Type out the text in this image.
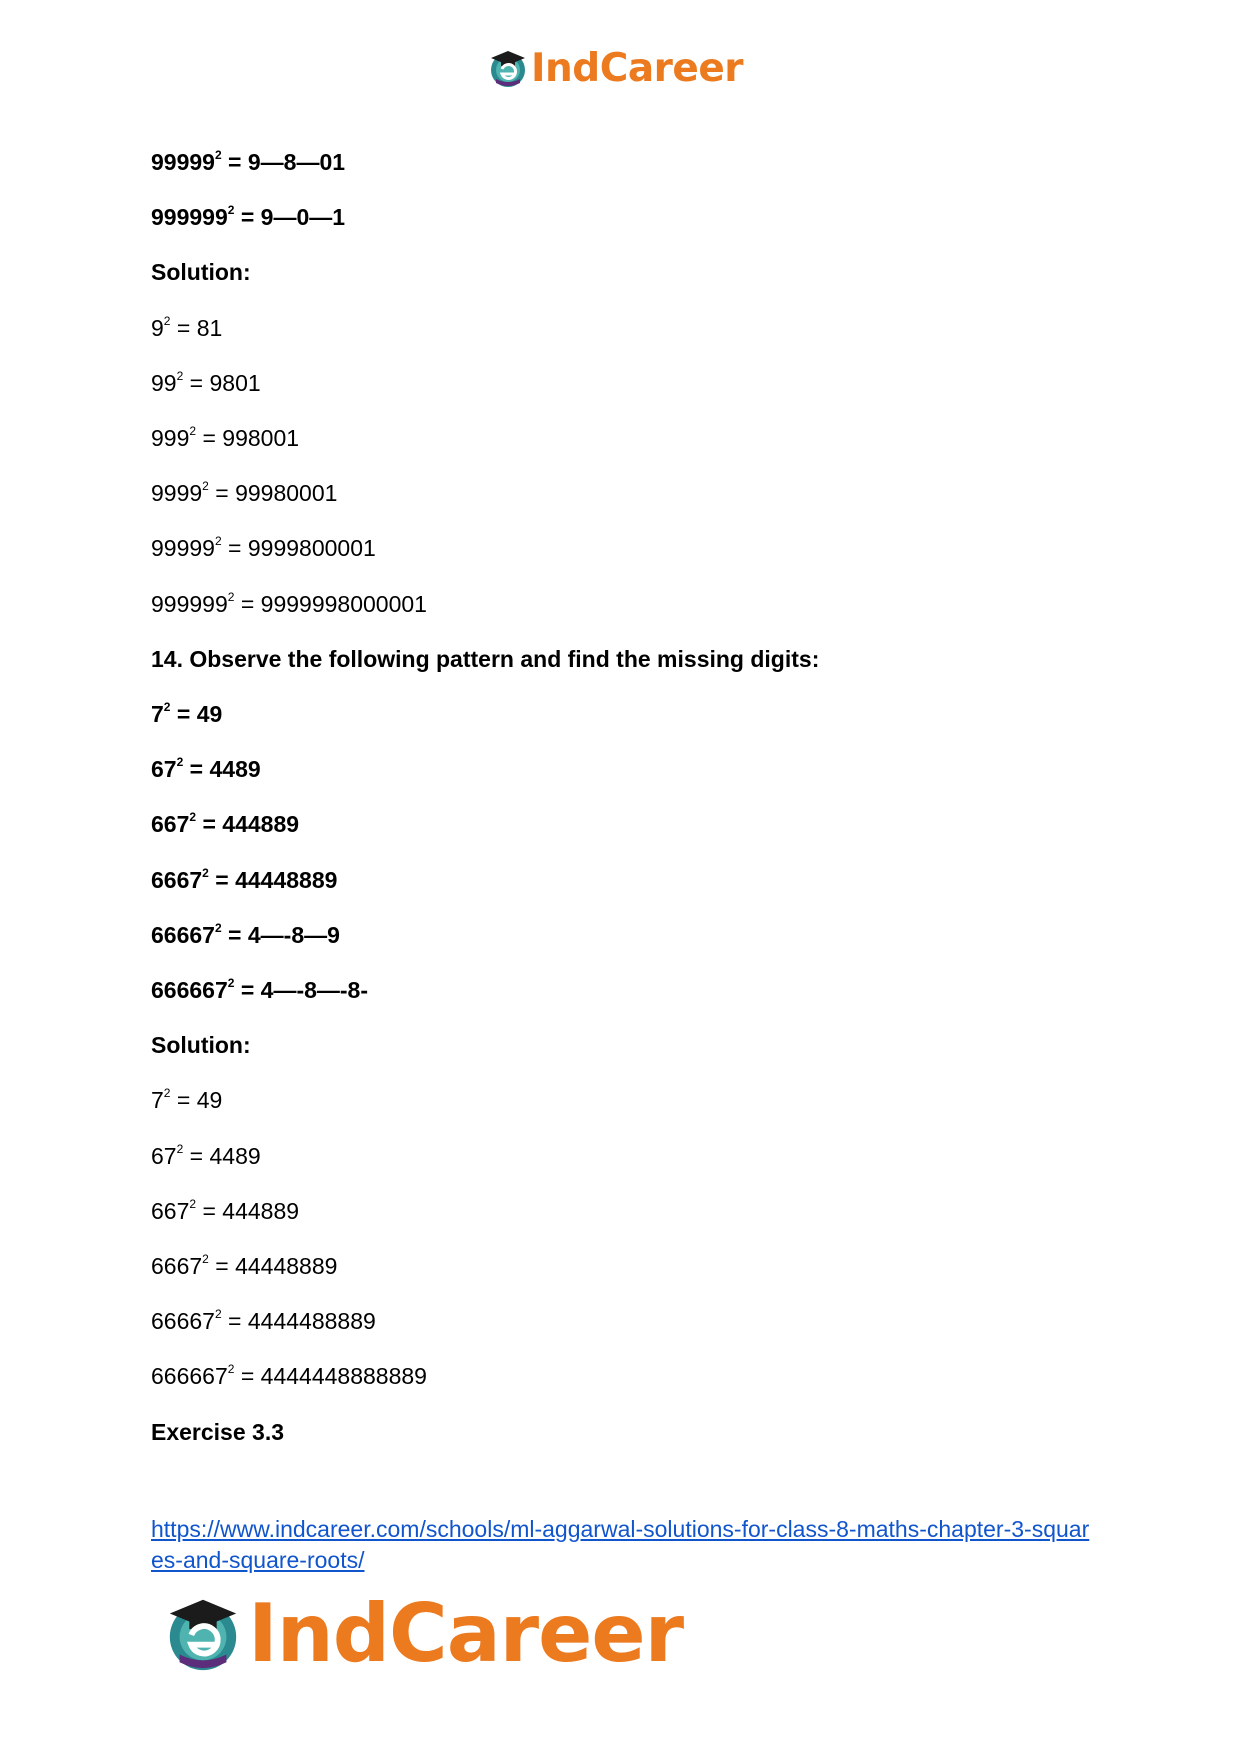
IndCareer
$99999^2$ = 9—8—01
$999999^2$ = 9—0—1
Solution:
$9^2 = 81$
$99^2 = 9801$
$999^2 = 998001$
$9999^2 = 99980001$
$99999^2 = 9999800001$
$999999^2 = 9999998000001$
14. Observe the following pattern and find the missing digits:
$7^2 = 49$
$67^2 = 4489$
$667^2 = 444889$
$6667^2 = 44448889$
$66667^2$ = 4—-8—9
$666667^2$ = 4—-8—-8-
Solution:
$7^2 = 49$
$67^2 = 4489$
$667^2 = 444889$
$6667^2 = 44448889$
$66667^2 = 4444488889$
$666667^2 = 4444448888889$
Exercise 3.3
https://www.indcareer.com/schools/ml-aggarwal-solutions-for-class-8-maths-chapter-3-squares-and-square-roots/
IndCareer
